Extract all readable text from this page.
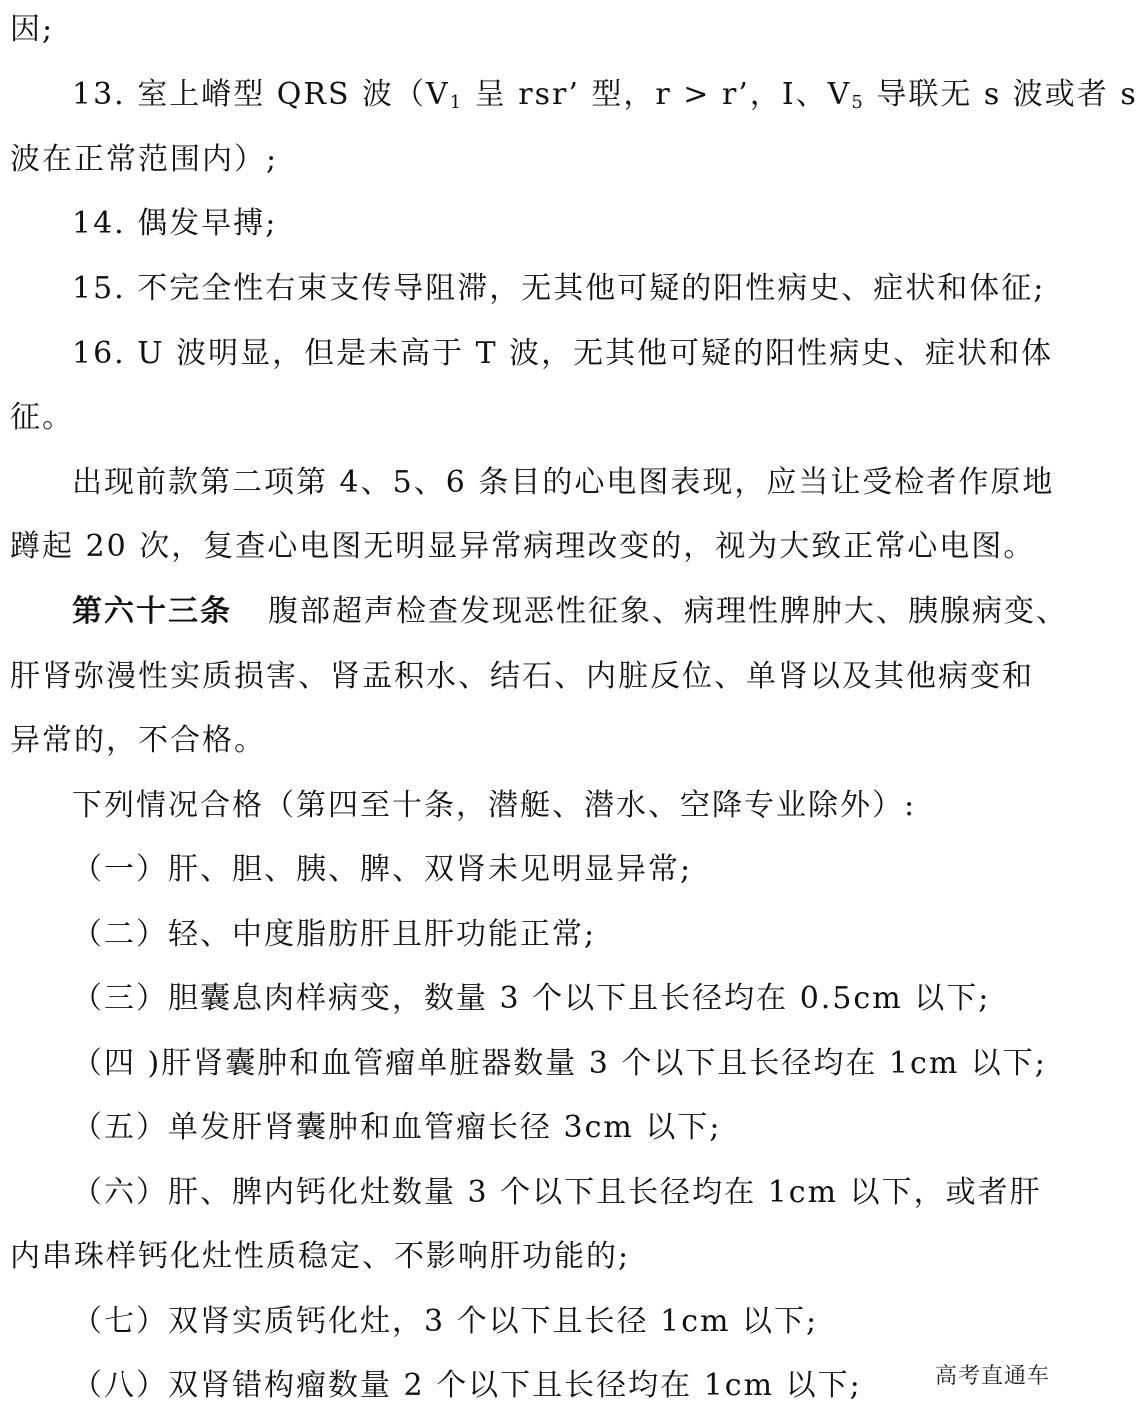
因;
13. 室上嵴型 QRS 波（$V_1$ 呈 rsr’ 型，r > r’，I、$V_5$ 导联无 s 波或者 s
波在正常范围内）;
14. 偶发早搏;
15. 不完全性右束支传导阻滞，无其他可疑的阳性病史、症状和体征;
16. U 波明显，但是未高于 T 波，无其他可疑的阳性病史、症状和体
征。
出现前款第二项第 4、5、6 条目的心电图表现，应当让受检者作原地
蹲起 20 次，复查心电图无明显异常病理改变的，视为大致正常心电图。
第六十三条 腹部超声检查发现恶性征象、病理性脾肿大、胰腺病变、
肝肾弥漫性实质损害、肾盂积水、结石、内脏反位、单肾以及其他病变和
异常的，不合格。
下列情况合格（第四至十条，潜艇、潜水、空降专业除外）:
（一）肝、胆、胰、脾、双肾未见明显异常;
（二）轻、中度脂肪肝且肝功能正常;
（三）胆囊息肉样病变，数量 3 个以下且长径均在 0.5cm 以下;
（四 )肝肾囊肿和血管瘤单脏器数量 3 个以下且长径均在 1cm 以下;
（五）单发肝肾囊肿和血管瘤长径 3cm 以下;
（六）肝、脾内钙化灶数量 3 个以下且长径均在 1cm 以下，或者肝
内串珠样钙化灶性质稳定、不影响肝功能的;
（七）双肾实质钙化灶，3 个以下且长径 1cm 以下;
（八）双肾错构瘤数量 2 个以下且长径均在 1cm 以下;	高考直通车
